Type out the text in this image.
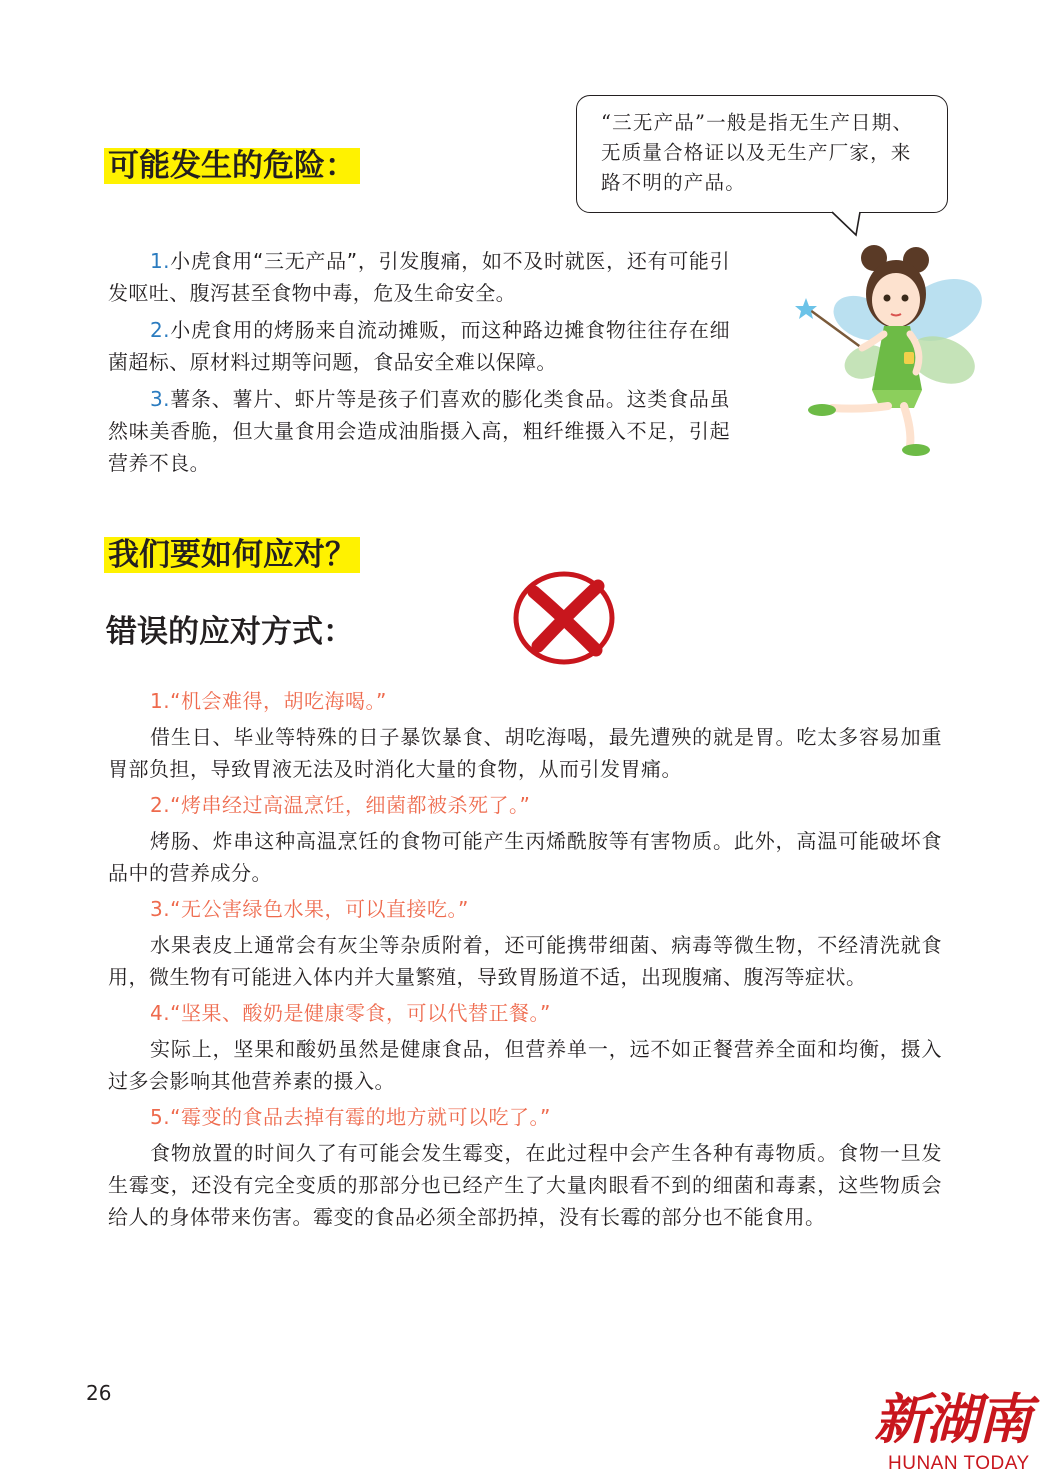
“三无产品”一般是指无生产日期、无质量合格证以及无生产厂家，来路不明的产品。
可能发生的危险：

1.小虎食用“三无产品”，引发腹痛，如不及时就医，还有可能引发呕吐、腹泻甚至食物中毒，危及生命安全。

2.小虎食用的烤肠来自流动摊贩，而这种路边摊食物往往存在细菌超标、原材料过期等问题，食品安全难以保障。

3.薯条、薯片、虾片等是孩子们喜欢的膨化类食品。这类食品虽然味美香脆，但大量食用会造成油脂摄入高，粗纤维摄入不足，引起营养不良。

我们要如何应对？
错误的应对方式：

1.“机会难得，胡吃海喝。”

借生日、毕业等特殊的日子暴饮暴食、胡吃海喝，最先遭殃的就是胃。吃太多容易加重胃部负担，导致胃液无法及时消化大量的食物，从而引发胃痛。

2.“烤串经过高温烹饪，细菌都被杀死了。”

烤肠、炸串这种高温烹饪的食物可能产生丙烯酰胺等有害物质。此外，高温可能破坏食品中的营养成分。

3.“无公害绿色水果，可以直接吃。”

水果表皮上通常会有灰尘等杂质附着，还可能携带细菌、病毒等微生物，不经清洗就食用，微生物有可能进入体内并大量繁殖，导致胃肠道不适，出现腹痛、腹泻等症状。

4.“坚果、酸奶是健康零食，可以代替正餐。”

实际上，坚果和酸奶虽然是健康食品，但营养单一，远不如正餐营养全面和均衡，摄入过多会影响其他营养素的摄入。

5.“霉变的食品去掉有霉的地方就可以吃了。”

食物放置的时间久了有可能会发生霉变，在此过程中会产生各种有毒物质。食物一旦发生霉变，还没有完全变质的那部分也已经产生了大量肉眼看不到的细菌和毒素，这些物质会给人的身体带来伤害。霉变的食品必须全部扔掉，没有长霉的部分也不能食用。

26	新湖南
HUNAN TODAY
